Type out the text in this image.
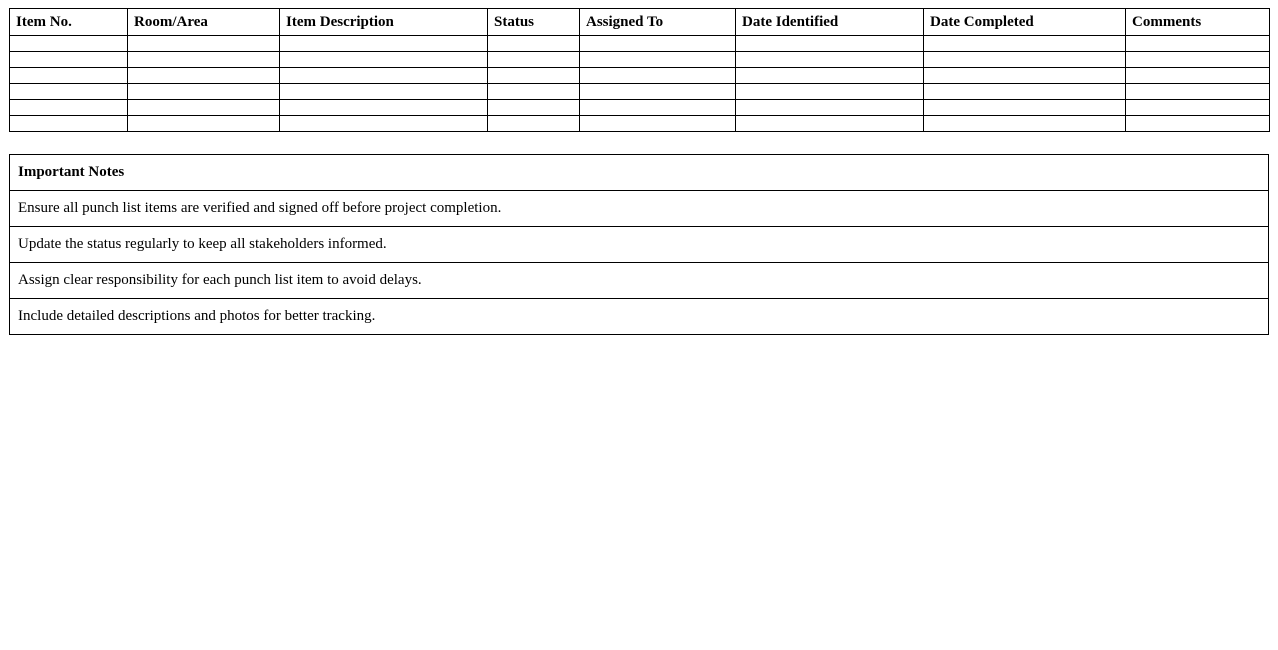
Item No.	Room/Area	Item Description	Status	Assigned To	Date Identified	Date Completed	Comments

Important Notes
Ensure all punch list items are verified and signed off before project completion.
Update the status regularly to keep all stakeholders informed.
Assign clear responsibility for each punch list item to avoid delays.
Include detailed descriptions and photos for better tracking.
